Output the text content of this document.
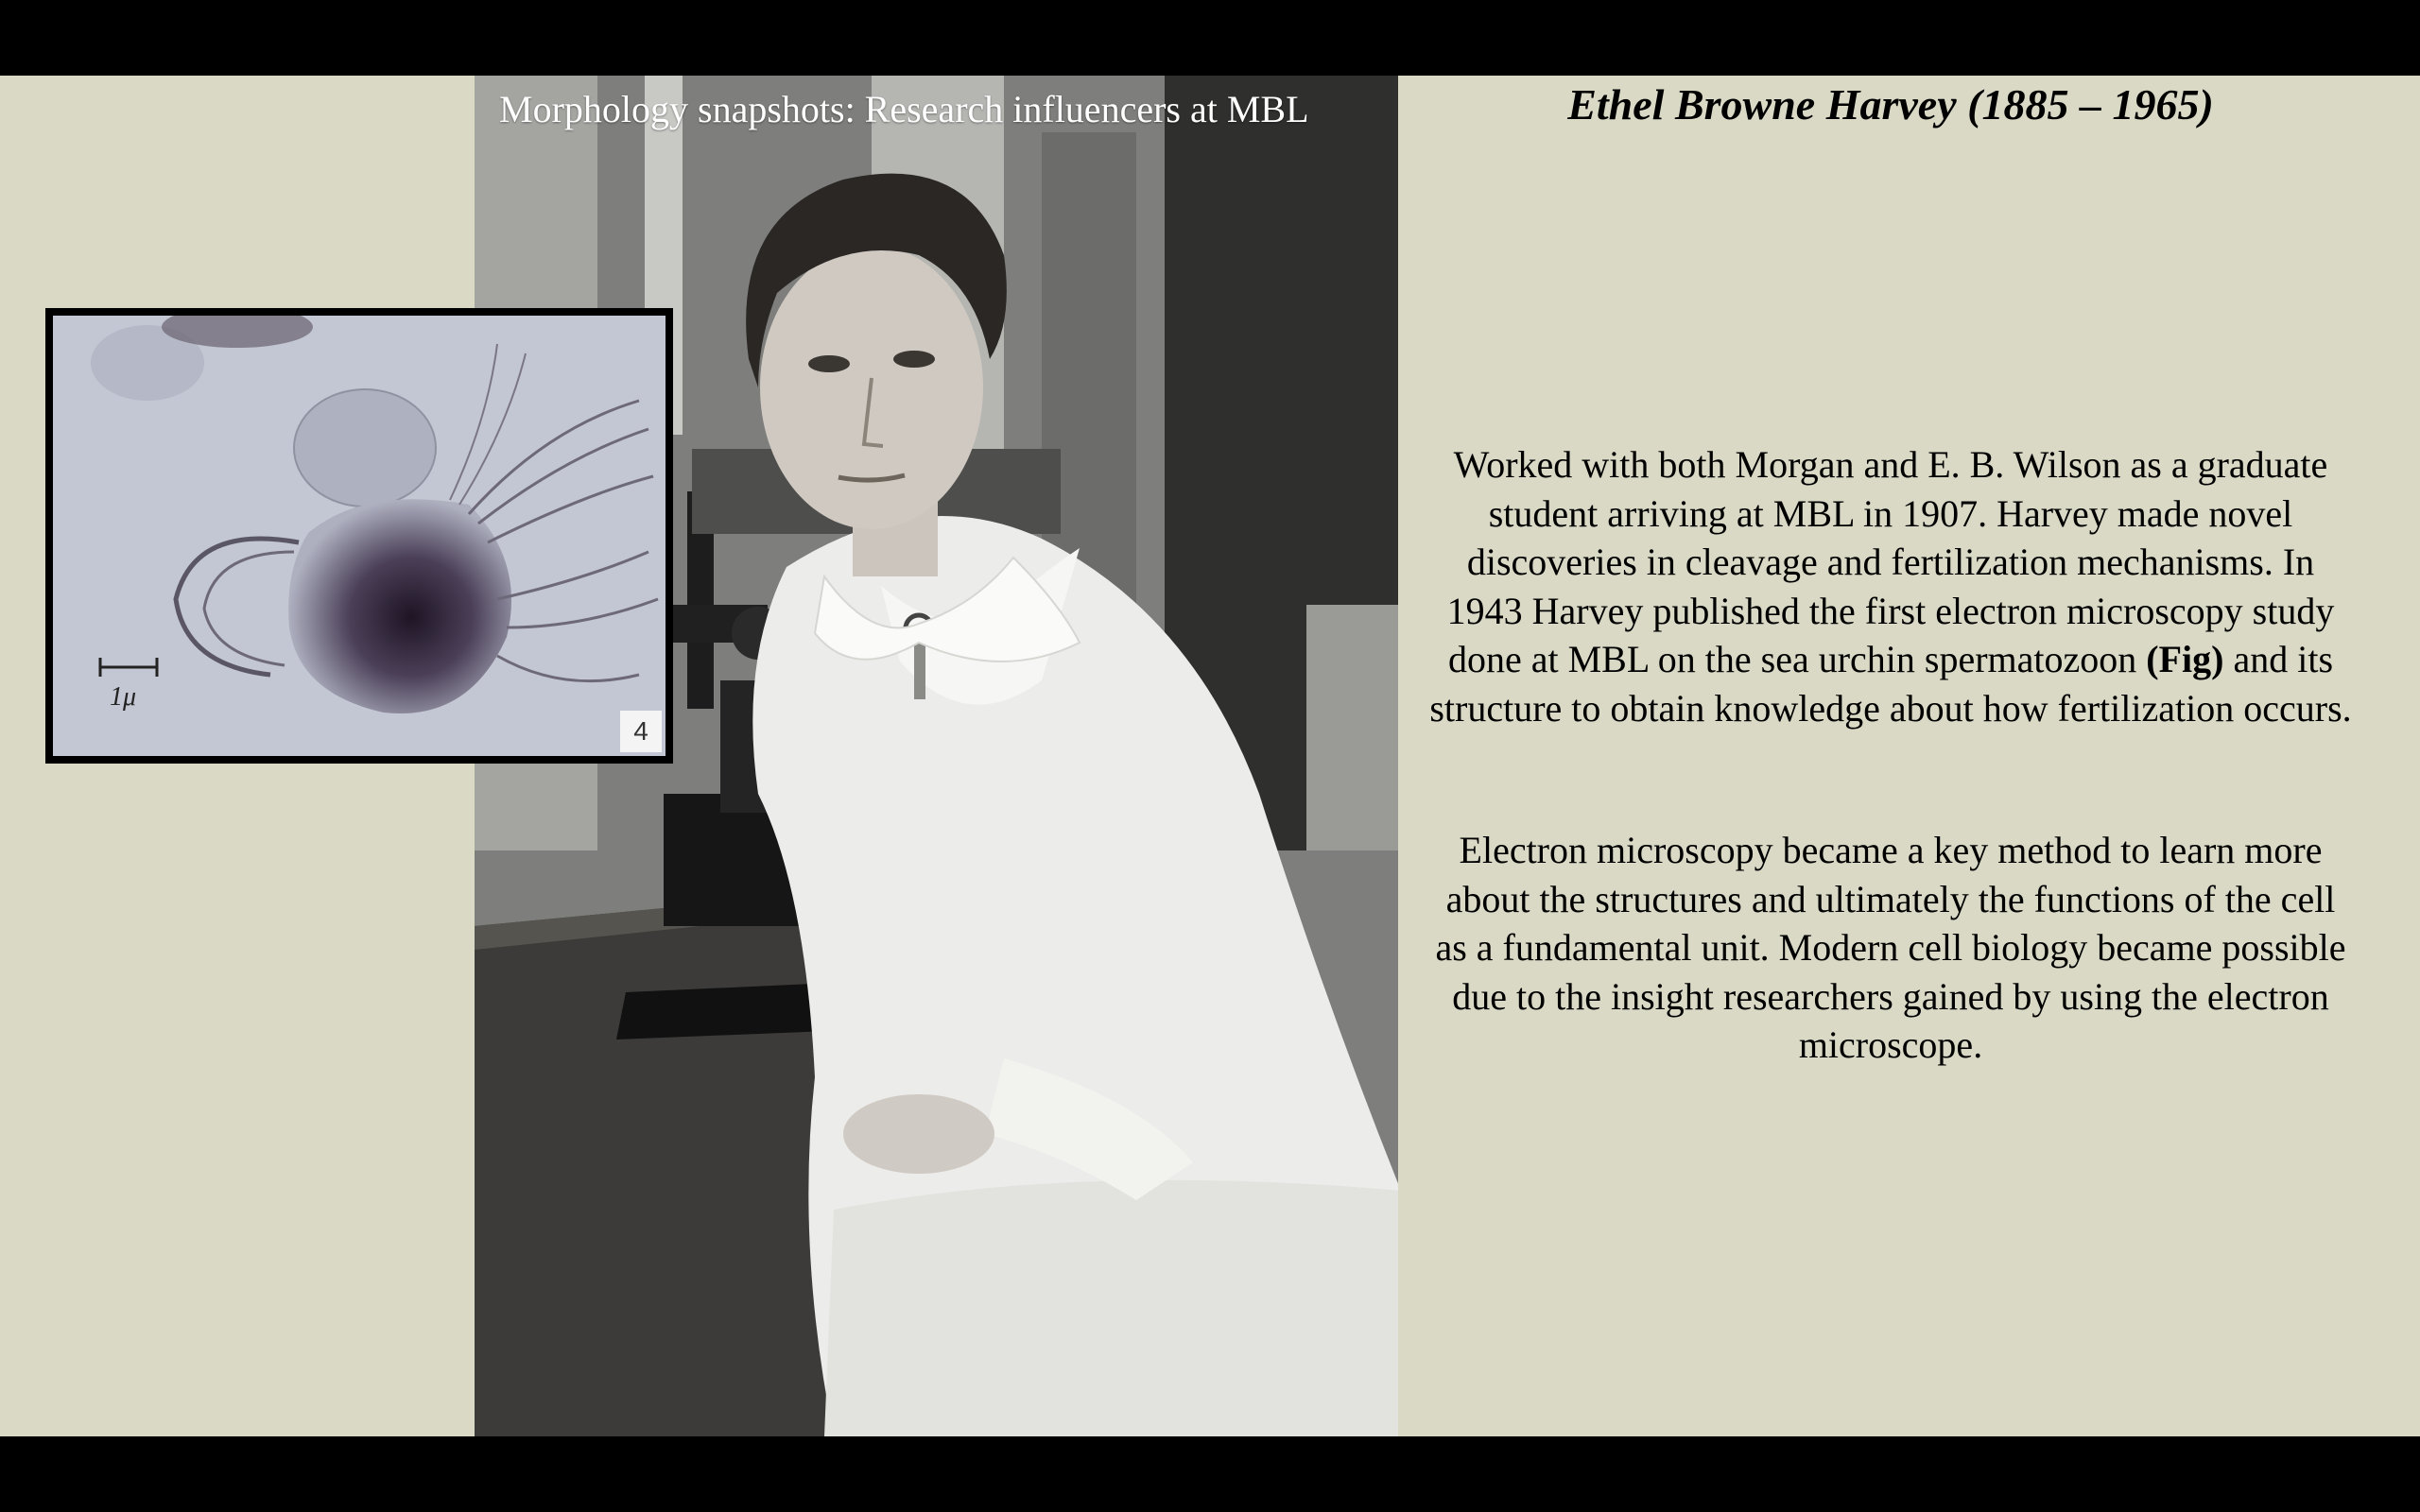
Morphology snapshots: Research influencers at MBL
1μ
4
Ethel Browne Harvey (1885 – 1965)
Worked with both Morgan and E. B. Wilson as a graduate student arriving at MBL in 1907. Harvey made novel discoveries in cleavage and fertilization mechanisms. In 1943 Harvey published the first electron microscopy study done at MBL on the sea urchin spermatozoon (Fig) and its structure to obtain knowledge about how fertilization occurs.
Electron microscopy became a key method to learn more about the structures and ultimately the functions of the cell as a fundamental unit. Modern cell biology became possible due to the insight researchers gained by using the electron microscope.
